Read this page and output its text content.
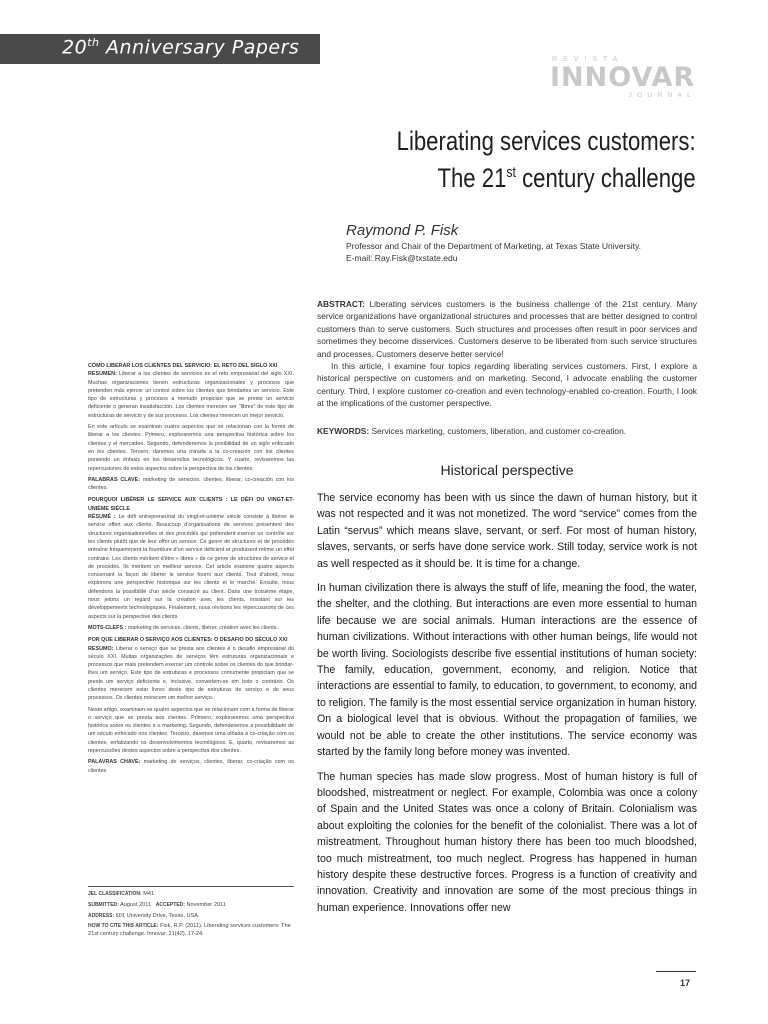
20th Anniversary Papers
REVISTA
INNOVAR
JOURNAL
Liberating services customers:
The 21st century challenge
Raymond P. Fisk
Professor and Chair of the Department of Marketing, at Texas State University.
E-mail: Ray.Fisk@txstate.edu

ABSTRACT: Liberating services customers is the business challenge of the 21st century. Many service organizations have organizational structures and processes that are better designed to control customers than to serve customers. Such structures and processes often result in poor services and sometimes they become disservices. Customers deserve to be liberated from such service structures and processes. Customers deserve better service!

In this article, I examine four topics regarding liberating services customers. First, I explore a historical perspective on customers and on marketing. Second, I advocate enabling the customer century. Third, I explore customer co-creation and even technology-enabled co-creation. Fourth, I look at the implications of the customer perspective.

KEYWORDS: Services marketing, customers, liberation, and customer co-creation.
Historical perspective

The service economy has been with us since the dawn of human history, but it was not respected and it was not monetized. The word “service” comes from the Latin “servus” which means slave, servant, or serf. For most of human history, slaves, servants, or serfs have done service work. Still today, service work is not as well respected as it should be. It is time for a change.

In human civilization there is always the stuff of life, meaning the food, the water, the shelter, and the clothing. But interactions are even more essential to human life because we are social animals. Human interactions are the essence of human civilizations. Without interactions with other human beings, life would not be worth living. Sociologists describe five essential institutions of human society: The family, education, government, economy, and religion. Notice that interactions are essential to family, to education, to government, to economy, and to religion. The family is the most essential service organization in human history. On a biological level that is obvious. Without the propagation of families, we would not be able to create the other institutions. The service economy was started by the family long before money was invented.

The human species has made slow progress. Most of human history is full of bloodshed, mistreatment or neglect. For example, Colombia was once a colony of Spain and the United States was once a colony of Britain. Colonialism was about exploiting the colonies for the benefit of the colonialist. There was a lot of mistreatment. Throughout human history there has been too much bloodshed, too much mistreatment, too much neglect. Progress has happened in human history despite these destructive forces. Progress is a function of creativity and innovation. Creativity and innovation are some of the most precious things in human experience. Innovations offer new

CÓMO LIBERAR LOS CLIENTES DEL SERVICIO: EL RETO DEL SIGLO XXI

RESUMEN: Liberar a los clientes de servicios es el reto empresarial del siglo XXI. Muchas organizaciones tienen estructuras organizacionales y procesos que pretenden más ejercer un control sobre los clientes que brindarles un servicio. Este tipo de estructuras y procesos a menudo propician que se preste un servicio deficiente o generan insatisfacción. Los clientes merecen ser “libres” de este tipo de estructuras de servicio y de sus procesos. Los clientes merecen un mejor servicio.

En este artículo se examinan cuatro aspectos que se relacionan con la forma de liberar a los clientes. Primero, exploraremos una perspectiva histórica sobre los clientes y el mercadeo. Segundo, defenderemos la posibilidad de un siglo enfocado en los clientes. Tercero, daremos una mirada a la co-creación con los clientes poniendo un énfasis en los desarrollos tecnológicos. Y cuarto, revisaremos las repercusiones de estos aspectos sobre la perspectiva de los clientes.

PALABRAS CLAVE: marketing de servicios, clientes, liberar, co-creación con los clientes.

POURQUOI LIBÉRER LE SERVICE AUX CLIENTS : LE DÉFI DU VINGT-ET-UNIÈME SIÈCLE

RÉSUMÉ : Le défi entrepreneurial du vingt-et-unième siècle consiste à libérer le service offert aux clients. Beaucoup d’organisations de services présentent des structures organisationnelles et des procédés qui prétendent exercer un contrôle sur les clients plutôt que de leur offrir un service. Ce genre de structures et de procédés entraîne fréquemment la fourniture d’un service déficient et produisent même un effet contraire. Les clients méritent d’être « libres » de ce genre de structures de service et de procédés. Ils méritent un meilleur service. Cet article examine quatre aspects concernant la façon de libérer le service fourni aux clients. Tout d’abord, nous explorons une perspective historique sur les clients et le marché. Ensuite, nous défendons la possibilité d’un siècle consacré au client. Dans une troisième étape, nous jetons un regard sur la création avec les clients, insistant sur les développements technologiques. Finalement, nous révisons les répercussions de ces aspects sur la perspective des clients.

MOTS-CLEFS : marketing de services, clients, libérer, création avec les clients.

POR QUE LIBERAR O SERVIÇO AOS CLIENTES: O DESAFIO DO SÉCULO XXI

RESUMO: Liberar o serviço que se presta aos clientes é o desafio empresarial do século XXI. Muitas organizações de serviços têm estruturas organizacionais e processos que mais pretendem exercer um controle sobre os clientes do que brindar-lhes um serviço. Este tipo de estruturas e processos comumente propiciam que se preste um serviço deficiente e, inclusive, convertem-se em todo o contrário. Os clientes merecem estar livres deste tipo de estruturas de serviço e de seus processos. Os clientes merecem um melhor serviço.

Neste artigo, examinam-se quatro aspectos que se relacionam com a forma de liberar o serviço que se presta aos clientes. Primeiro, exploraremos uma perspectiva histórica sobre os clientes e o marketing. Segundo, defenderemos a possibilidade de um século enfocado nos clientes. Terceiro, daremos uma olhada à co-criação com os clientes, enfatizando os desenvolvimentos tecnológicos. E, quarto, revisaremos as repercussões destes aspectos sobre a perspectiva dos clientes.

PALAVRAS CHAVE: marketing de serviços, clientes, liberar, co-criação com os clientes

JEL CLASSIFICATION: M41
SUBMITTED: August 2011 ACCEPTED: November 2011
ADDRESS: 601 University Drive, Texas, USA.
HOW TO CITE THIS ARTICLE: Fisk, R.P. (2011). Liberating services customers: The 21st century challenge. Innovar, 21(42), 17-24.
17
